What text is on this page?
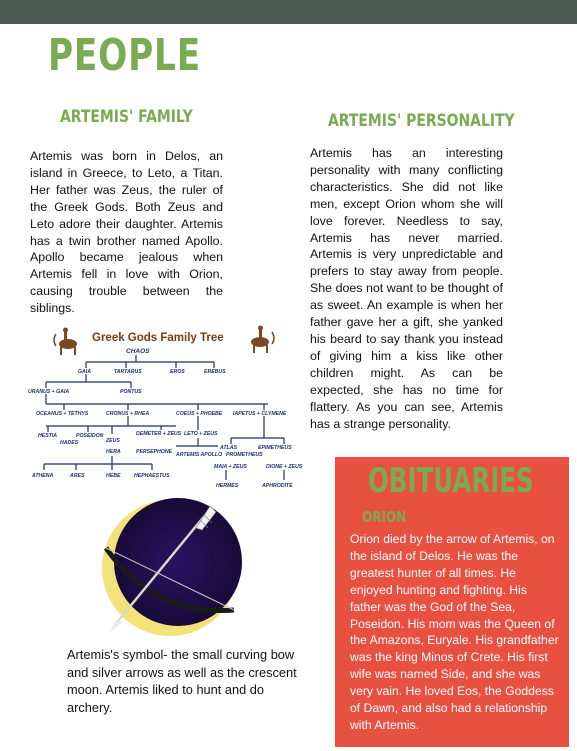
PEOPLE
ARTEMIS' FAMILY

Artemis was born in Delos, an island in Greece, to Leto, a Titan. Her father was Zeus, the ruler of the Greek Gods. Both Zeus and Leto adore their daughter. Artemis has a twin brother named Apollo. Apollo became jealous when Artemis fell in love with Orion, causing trouble between the siblings.

ARTEMIS' PERSONALITY

Artemis has an interesting personality with many conflicting characteristics. She did not like men, except Orion whom she will love forever. Needless to say, Artemis has never married. Artemis is very unpredictable and prefers to stay away from people. She does not want to be thought of as sweet. An example is when her father gave her a gift, she yanked his beard to say thank you instead of giving him a kiss like other children might. As can be expected, she has no time for flattery. As you can see, Artemis has a strange personality.

Greek Gods Family Tree
CHAOS
GAIA	TARTARUS	EROS	EREBUS
URANUS + GAIA	PONTUS
OCEANUS + TETHYS	CRONUS + RHEA	COEUS + PHOEBE IAPETUS + CLYMENE
HESTIA	POSEIDON
HADES	ZEUS
HERA
DEMETER + ZEUS
PERSEPHONE
LETO + ZEUS
ARTEMIS APOLLO
ATLAS	EPIMETHEUS
PROMETHEUS
MAIA + ZEUS	DIONE + ZEUS
HERMES	APHRODITE
ATHENA	ARES	HEBE	HEPHAESTUS

Artemis's symbol- the small curving bow and silver arrows as well as the crescent moon. Artemis liked to hunt and do archery.

OBITUARIES
ORION

Orion died by the arrow of Artemis, on the island of Delos. He was the greatest hunter of all times. He enjoyed hunting and fighting. His father was the God of the Sea, Poseidon. His mom was the Queen of the Amazons, Euryale. His grandfather was the king Minos of Crete. His first wife was named Side, and she was very vain. He loved Eos, the Goddess of Dawn, and also had a relationship with Artemis.
